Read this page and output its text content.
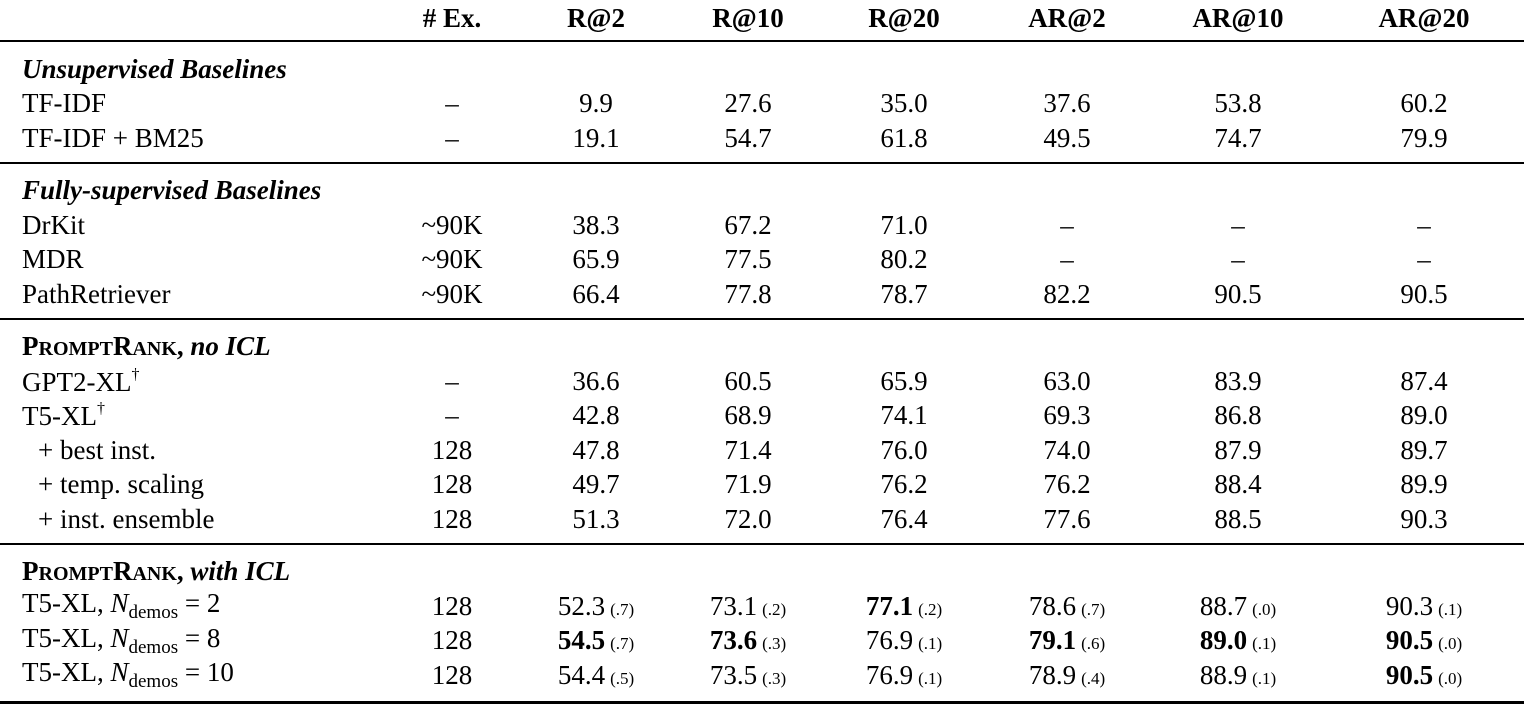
	# Ex.	R@2	R@10	R@20	AR@2	AR@10	AR@20
Unsupervised Baselines							
TF-IDF	–	9.9	27.6	35.0	37.6	53.8	60.2
TF-IDF + BM25	–	19.1	54.7	61.8	49.5	74.7	79.9
Fully-supervised Baselines							
DrKit	~90K	38.3	67.2	71.0	–	–	–
MDR	~90K	65.9	77.5	80.2	–	–	–
PathRetriever	~90K	66.4	77.8	78.7	82.2	90.5	90.5
PROMPTRANK, no ICL							
GPT2-XL†	–	36.6	60.5	65.9	63.0	83.9	87.4
T5-XL†	–	42.8	68.9	74.1	69.3	86.8	89.0
+ best inst.	128	47.8	71.4	76.0	74.0	87.9	89.7
+ temp. scaling	128	49.7	71.9	76.2	76.2	88.4	89.9
+ inst. ensemble	128	51.3	72.0	76.4	77.6	88.5	90.3
PROMPTRANK, with ICL							
T5-XL, $N_{demos} = 2$	128	52.3 (.7)	73.1 (.2)	77.1 (.2)	78.6 (.7)	88.7 (.0)	90.3 (.1)
T5-XL, $N_{demos} = 8$	128	54.5 (.7)	73.6 (.3)	76.9 (.1)	79.1 (.6)	89.0 (.1)	90.5 (.0)
T5-XL, $N_{demos} = 10$	128	54.4 (.5)	73.5 (.3)	76.9 (.1)	78.9 (.4)	88.9 (.1)	90.5 (.0)
